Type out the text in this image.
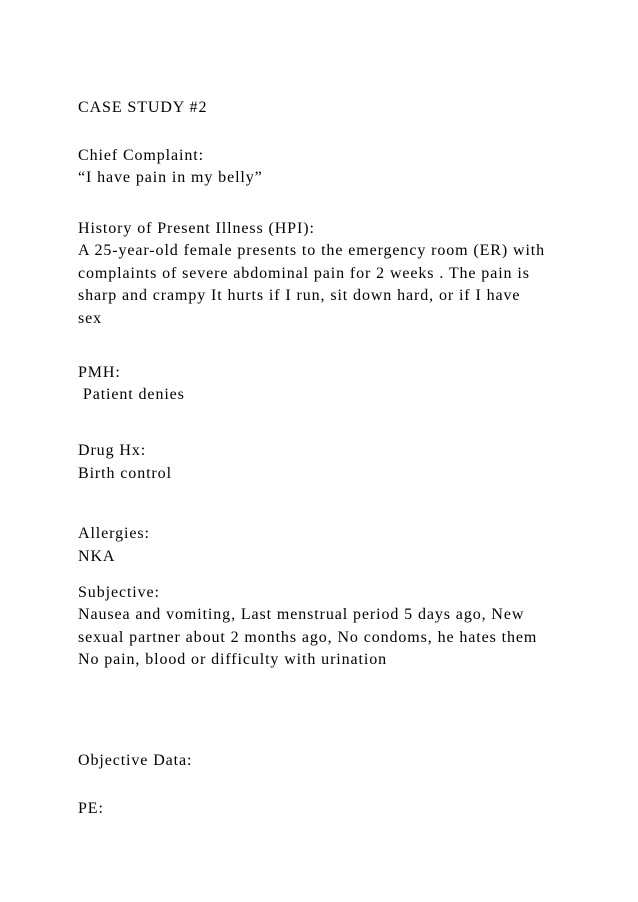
CASE STUDY #2

Chief Complaint:

“I have pain in my belly”

History of Present Illness (HPI):

A 25-year-old female presents to the emergency room (ER) with

complaints of severe abdominal pain for 2 weeks . The pain is

sharp and crampy It hurts if I run, sit down hard, or if I have

sex

PMH:

Patient denies

Drug Hx:

Birth control

Allergies:

NKA

Subjective:

Nausea and vomiting, Last menstrual period 5 days ago, New

sexual partner about 2 months ago, No condoms, he hates them

No pain, blood or difficulty with urination

Objective Data:

PE:
